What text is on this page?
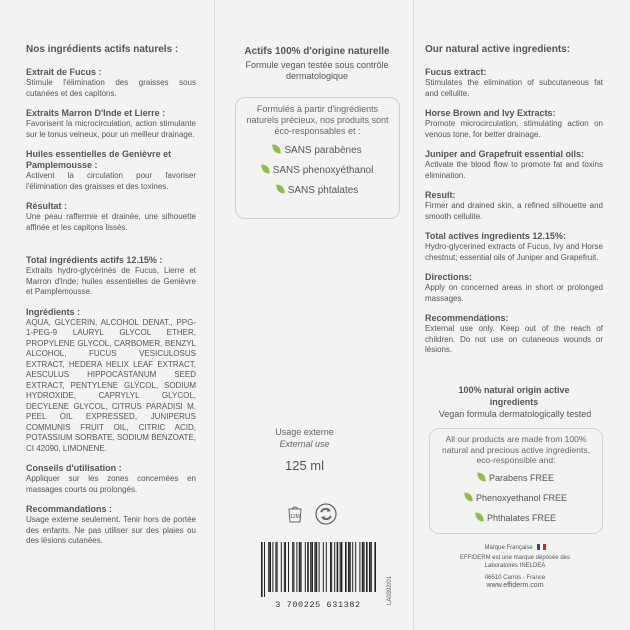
Nos ingrédients actifs naturels :
Extrait de Fucus :
Stimule l'élimination des graisses sous cutanées et des capitons.
Extraits Marron D'Inde et Lierre :
Favorisent la microcirculation, action stimulante sur le tonus veineux, pour un meilleur drainage.
Huiles essentielles de Genièvre et Pamplemousse :
Activent la circulation pour favoriser l'élimination des graisses et des toxines.
Résultat :
Une peau raffermie et drainée, une silhouette affinée et les capitons lissés.
Total ingrédients actifs 12.15% :
Extraits hydro-glycérinés de Fucus, Lierre et Marron d'Inde; huiles essentielles de Genièvre et Pamplemousse.
Ingrédients :
AQUA, GLYCERIN, ALCOHOL DENAT., PPG-1-PEG-9 LAURYL GLYCOL ETHER, PROPYLENE GLYCOL, CARBOMER, BENZYL ALCOHOL, FUCUS VESICULOSUS EXTRACT, HEDERA HELIX LEAF EXTRACT, AESCULUS HIPPOCASTANUM SEED EXTRACT, PENTYLENE GLYCOL, SODIUM HYDROXIDE, CAPRYLYL GLYCOL, DECYLENE GLYCOL, CITRUS PARADISI M. PEEL OIL EXPRESSED, JUNIPERUS COMMUNIS FRUIT OIL, CITRIC ACID, POTASSIUM SORBATE, SODIUM BENZOATE, CI 42090, LIMONENE.
Conseils d'utilisation :
Appliquer sur les zones concernées en massages courts ou prolongés.
Recommandations :
Usage externe seulement. Tenir hors de portée des enfants. Ne pas utiliser sur des plaies ou des lésions cutanées.
Actifs 100% d'origine naturelle
Formule vegan testée sous contrôle dermatologique
Formulés à partir d'ingrédients naturels précieux, nos produits sont éco-responsables et :
SANS parabènes
SANS phenoxyéthanol
SANS phtalates
Usage externe
External use
125 ml
12M
3 700225 631382	LA0392/01
Our natural active ingredients:
Fucus extract:
Stimulates the elimination of subcutaneous fat and cellulite.
Horse Brown and Ivy Extracts:
Promote microcirculation, stimulating action on venous tone, for better drainage.
Juniper and Grapefruit essential oils:
Activate the blood flow to promote fat and toxins elimination.
Result:
Firmer and drained skin, a refined silhouette and smooth cellulite.
Total actives ingredients 12.15%:
Hydro-glycerined extracts of Fucus, Ivy and Horse chestnut; essential oils of Juniper and Grapefruit.
Directions:
Apply on concerned areas in short or prolonged massages.
Recommendations:
External use only. Keep out of the reach of children. Do not use on cutaneous wounds or lésions.
100% natural origin active ingredients
Vegan formula dermatologically tested
All our products are made from 100% natural and precious active ingredients, eco-responsible and:
Parabens FREE
Phenoxyethanol FREE
Phthalates FREE
Marque Française
EFFIDERM est une marque déposée des
Laboratoires INELDEA
06510 Carros - France
www.effiderm.com
